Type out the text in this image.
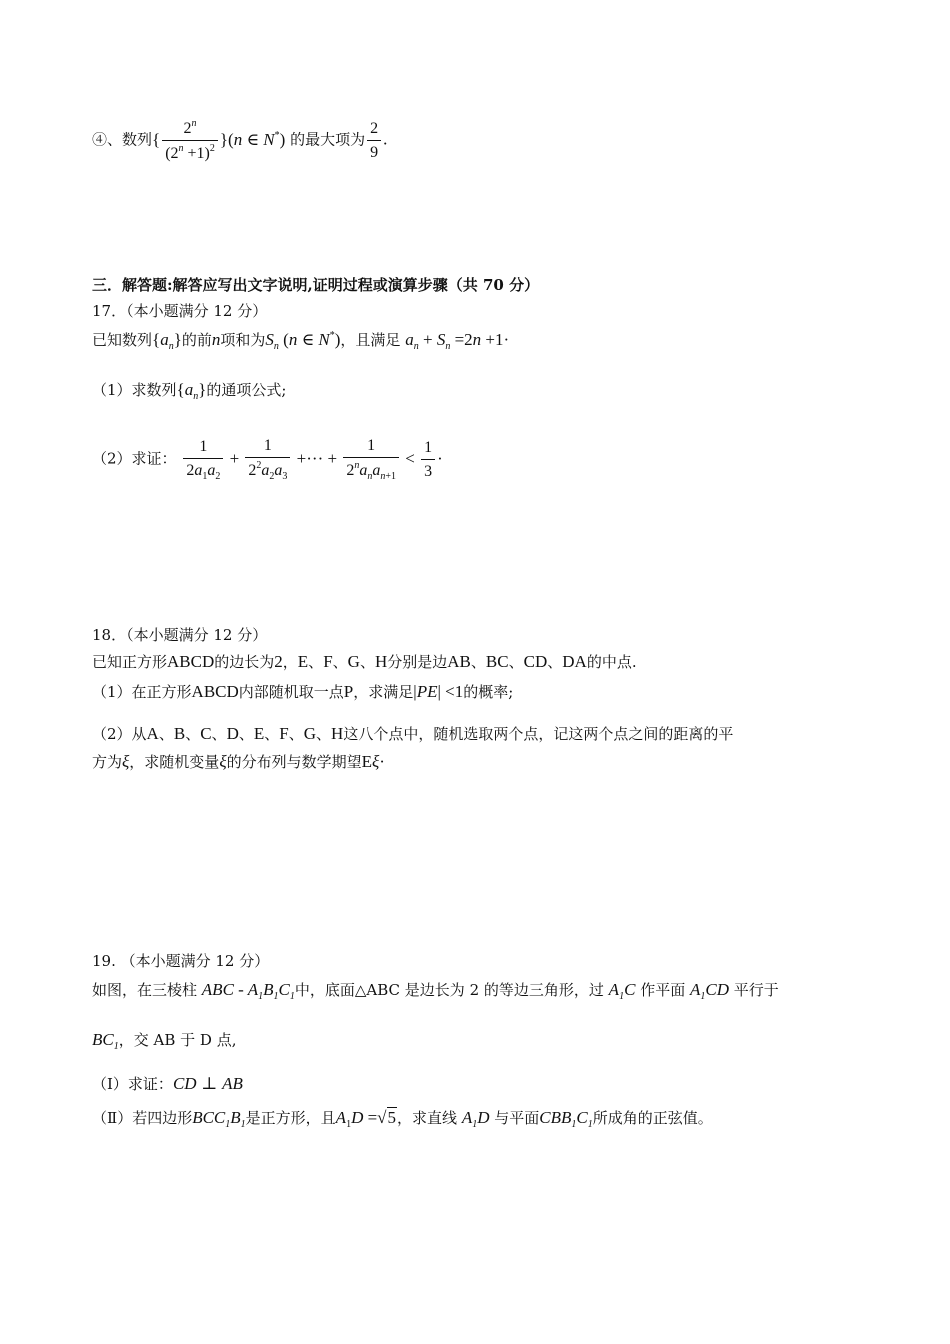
④、数列{ $\frac{2^n}{(2^n +1)^2} \}(n$ ∈ N*) 的最大项为 $\frac{2}{9}$ .
三．解答题:解答应写出文字说明,证明过程或演算步骤（共 70 分）
17．（本小题满分 12 分）
已知数列$\{a_n\}$的前n项和为$S_n$ (n ∈ N*)，且满足 $a_n + S_n =2n +1\cdot$
（1）求数列$\{a_n\}$的通项公式;
（2）求证： $\frac{1}{2a_1a_2} + \frac{1}{2^2a_2a_3}$ +··· + $\frac{1}{2^na_na_{n+1}} < \frac{1}{3}$ ·
18．（本小题满分 12 分）
已知正方形ABCD的边长为2，E、F、G、H分别是边AB、BC、CD、DA的中点.
（1）在正方形ABCD内部随机取一点P，求满足|PE| <1的概率;
（2）从A、B、C、D、E、F、G、H这八个点中，随机选取两个点，记这两个点之间的距离的平
方为ξ，求随机变量ξ的分布列与数学期望Eξ·
19. （本小题满分 12 分）
如图，在三棱柱 ABC - $A_1B_1C_1$中，底面△ABC 是边长为 2 的等边三角形，过 $A_1C$ 作平面 $A_1CD$ 平行于
$BC_1$，交 AB 于 D 点,
（Ⅰ）求证：CD ⊥ AB
（Ⅱ）若四边形$BCC_1B_1$是正方形，且$A_1D =√5$，求直线 $A_1D$ 与平面$CBB_1C_1$所成角的正弦值。
